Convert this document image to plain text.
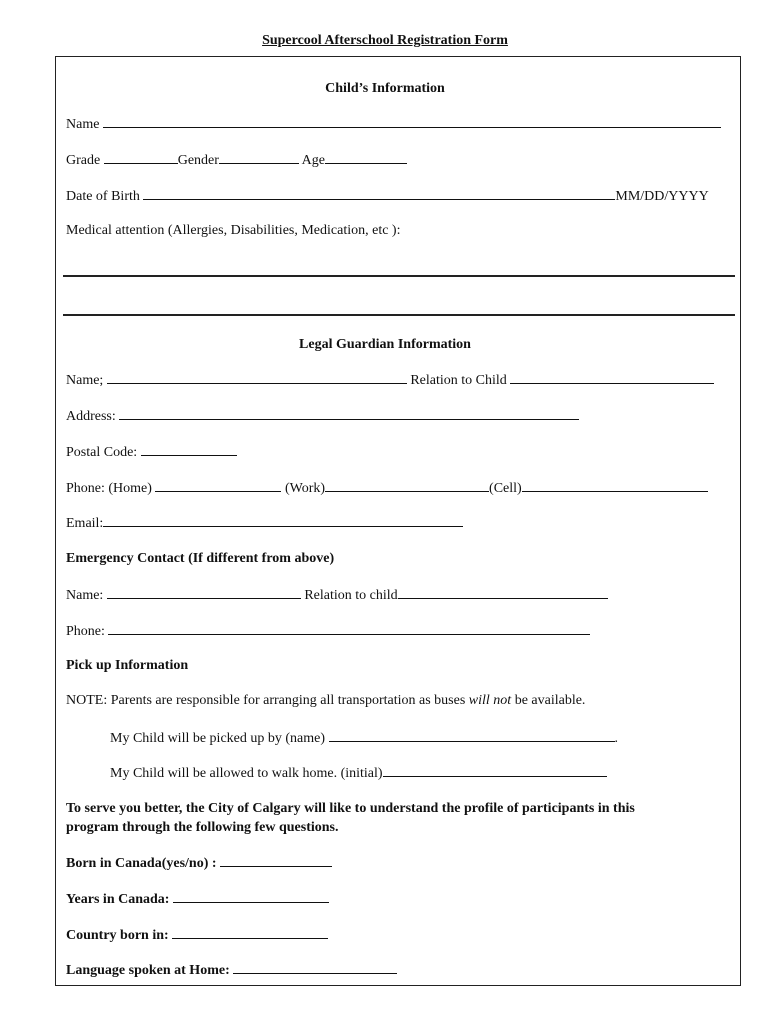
Supercool Afterschool Registration Form
Child’s Information
Name
Grade	Gender	Age
Date of Birth	MM/DD/YYYY
Medical attention (Allergies, Disabilities, Medication, etc ):
Legal Guardian Information
Name;	Relation to Child
Address:
Postal Code:
Phone: (Home)	(Work)	(Cell)
Email:
Emergency Contact (If different from above)
Name:	Relation to child
Phone:
Pick up Information
NOTE: Parents are responsible for arranging all transportation as buses will not be available.
My Child will be picked up by (name)	.
My Child will be allowed to walk home. (initial)
To serve you better, the City of Calgary will like to understand the profile of participants in this
program through the following few questions.
Born in Canada(yes/no) :
Years in Canada:
Country born in:
Language spoken at Home:
